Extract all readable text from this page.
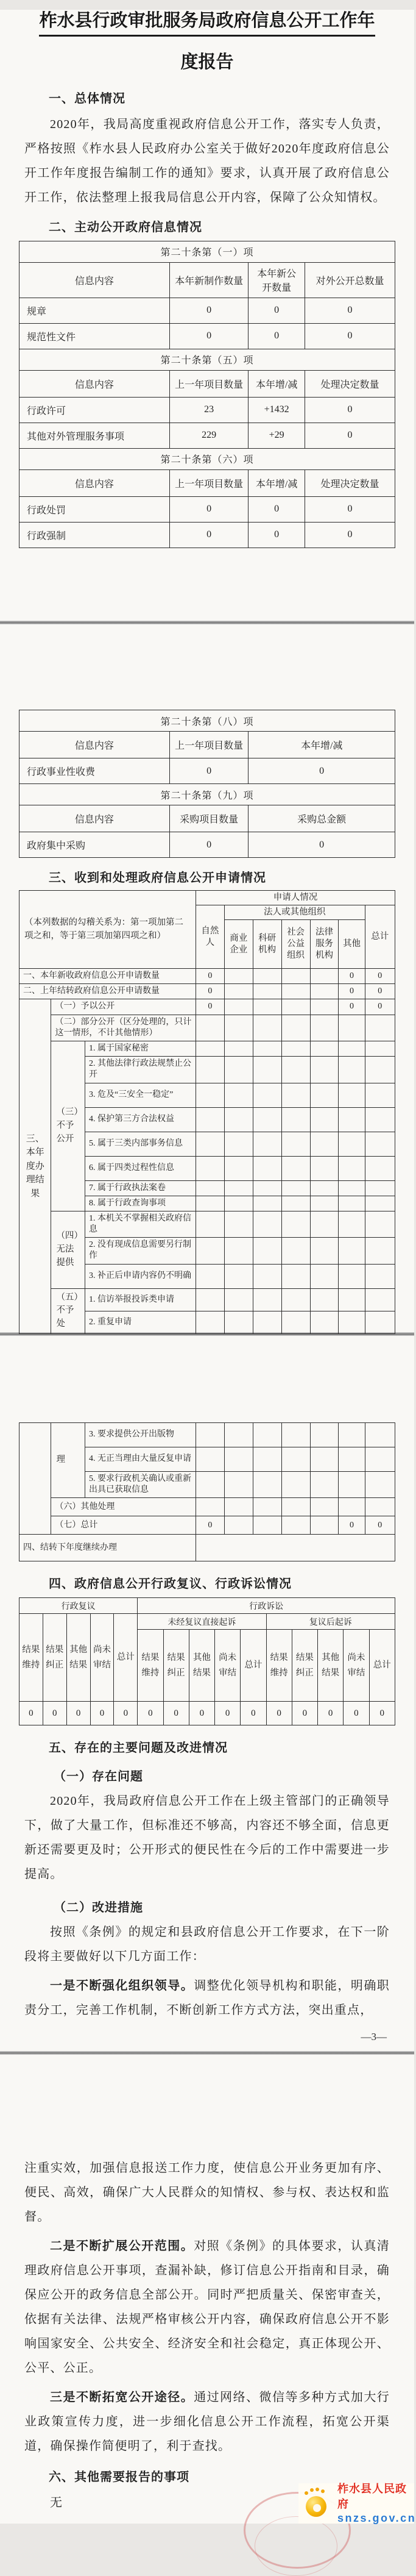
柞水县行政审批服务局政府信息公开工作年
度报告
一、总体情况

2020年，我局高度重视政府信息公开工作，落实专人负责，严格按照《柞水县人民政府办公室关于做好2020年度政府信息公开工作年度报告编制工作的通知》要求，认真开展了政府信息公开工作，依法整理上报我局信息公开内容，保障了公众知情权。

二、主动公开政府信息情况
第二十条第（一）项			
信息内容	本年新制作数量	本年新公开数量	对外公开总数量
规章	0	0	0
规范性文件	0	0	0
第二十条第（五）项			
信息内容	上一年项目数量	本年增/减	处理决定数量
行政许可	23	+1432	0
其他对外管理服务事项	229	+29	0
第二十条第（六）项			
信息内容	上一年项目数量	本年增/减	处理决定数量
行政处罚	0	0	0
行政强制	0	0	0
第二十条第（八）项		
信息内容	上一年项目数量	本年增/减
行政事业性收费	0	0
第二十条第（九）项		
信息内容	采购项目数量	采购总金额
政府集中采购	0	0
三、收到和处理政府信息公开申请情况
（本列数据的勾稽关系为：第一项加第二项之和，等于第三项加第四项之和）			申请人情况						
			自然人	法人或其他组织					总计
				商业企业	科研机构	社会公益组织	法律服务机构	其他	
一、本年新收政府信息公开申请数量			0					0	0
二、上年结转政府信息公开申请数量			0					0	0
三、本年度办理结果	（一）予以公开		0					0	0
	（二）部分公开（区分处理的，只计这一情形，不计其他情形）								
	（三）不予公开	1. 属于国家秘密							
		2. 其他法律行政法规禁止公开							
		3. 危及“三安全一稳定”							
		4. 保护第三方合法权益							
		5. 属于三类内部事务信息							
		6. 属于四类过程性信息							
		7. 属于行政执法案卷							
		8. 属于行政查询事项							
	（四）无法提供	1. 本机关不掌握相关政府信息							
		2. 没有现成信息需要另行制作							
		3. 补正后申请内容仍不明确							
	（五）不予处	1. 信访举报投诉类申请							
		2. 重复申请							
	理	3. 要求提供公开出版物							
		4. 无正当理由大量反复申请							
		5. 要求行政机关确认或重新出具已获取信息							
	（六）其他处理								
	（七）总计		0					0	0
四、结转下年度继续办理									
四、政府信息公开行政复议、行政诉讼情况
行政复议					行政诉讼									
结果维持	结果纠正	其他结果	尚未审结	总计	未经复议直接起诉					复议后起诉				
					结果维持	结果纠正	其他结果	尚未审结	总计	结果维持	结果纠正	其他结果	尚未审结	总计
0	0	0	0	0	0	0	0	0	0	0	0	0	0	0
五、存在的主要问题及改进情况
（一）存在问题

2020年，我局政府信息公开工作在上级主管部门的正确领导下，做了大量工作，但标准还不够高，内容还不够全面，信息更新还需要更及时；公开形式的便民性在今后的工作中需要进一步提高。

（二）改进措施

按照《条例》的规定和县政府信息公开工作要求，在下一阶段将主要做好以下几方面工作：

一是不断强化组织领导。调整优化领导机构和职能，明确职责分工，完善工作机制，不断创新工作方式方法，突出重点，

—3—

注重实效，加强信息报送工作力度，使信息公开业务更加有序、便民、高效，确保广大人民群众的知情权、参与权、表达权和监督。

二是不断扩展公开范围。对照《条例》的具体要求，认真清理政府信息公开事项，查漏补缺，修订信息公开指南和目录，确保应公开的政务信息全部公开。同时严把质量关、保密审查关，依据有关法律、法规严格审核公开内容，确保政府信息公开不影响国家安全、公共安全、经济安全和社会稳定，真正体现公开、公平、公正。

三是不断拓宽公开途径。通过网络、微信等多种方式加大行业政策宣传力度，进一步细化信息公开工作流程，拓宽公开渠道，确保操作简便明了，利于查找。

六、其他需要报告的事项

无

柞水县人民政府
snzs.gov.cn
